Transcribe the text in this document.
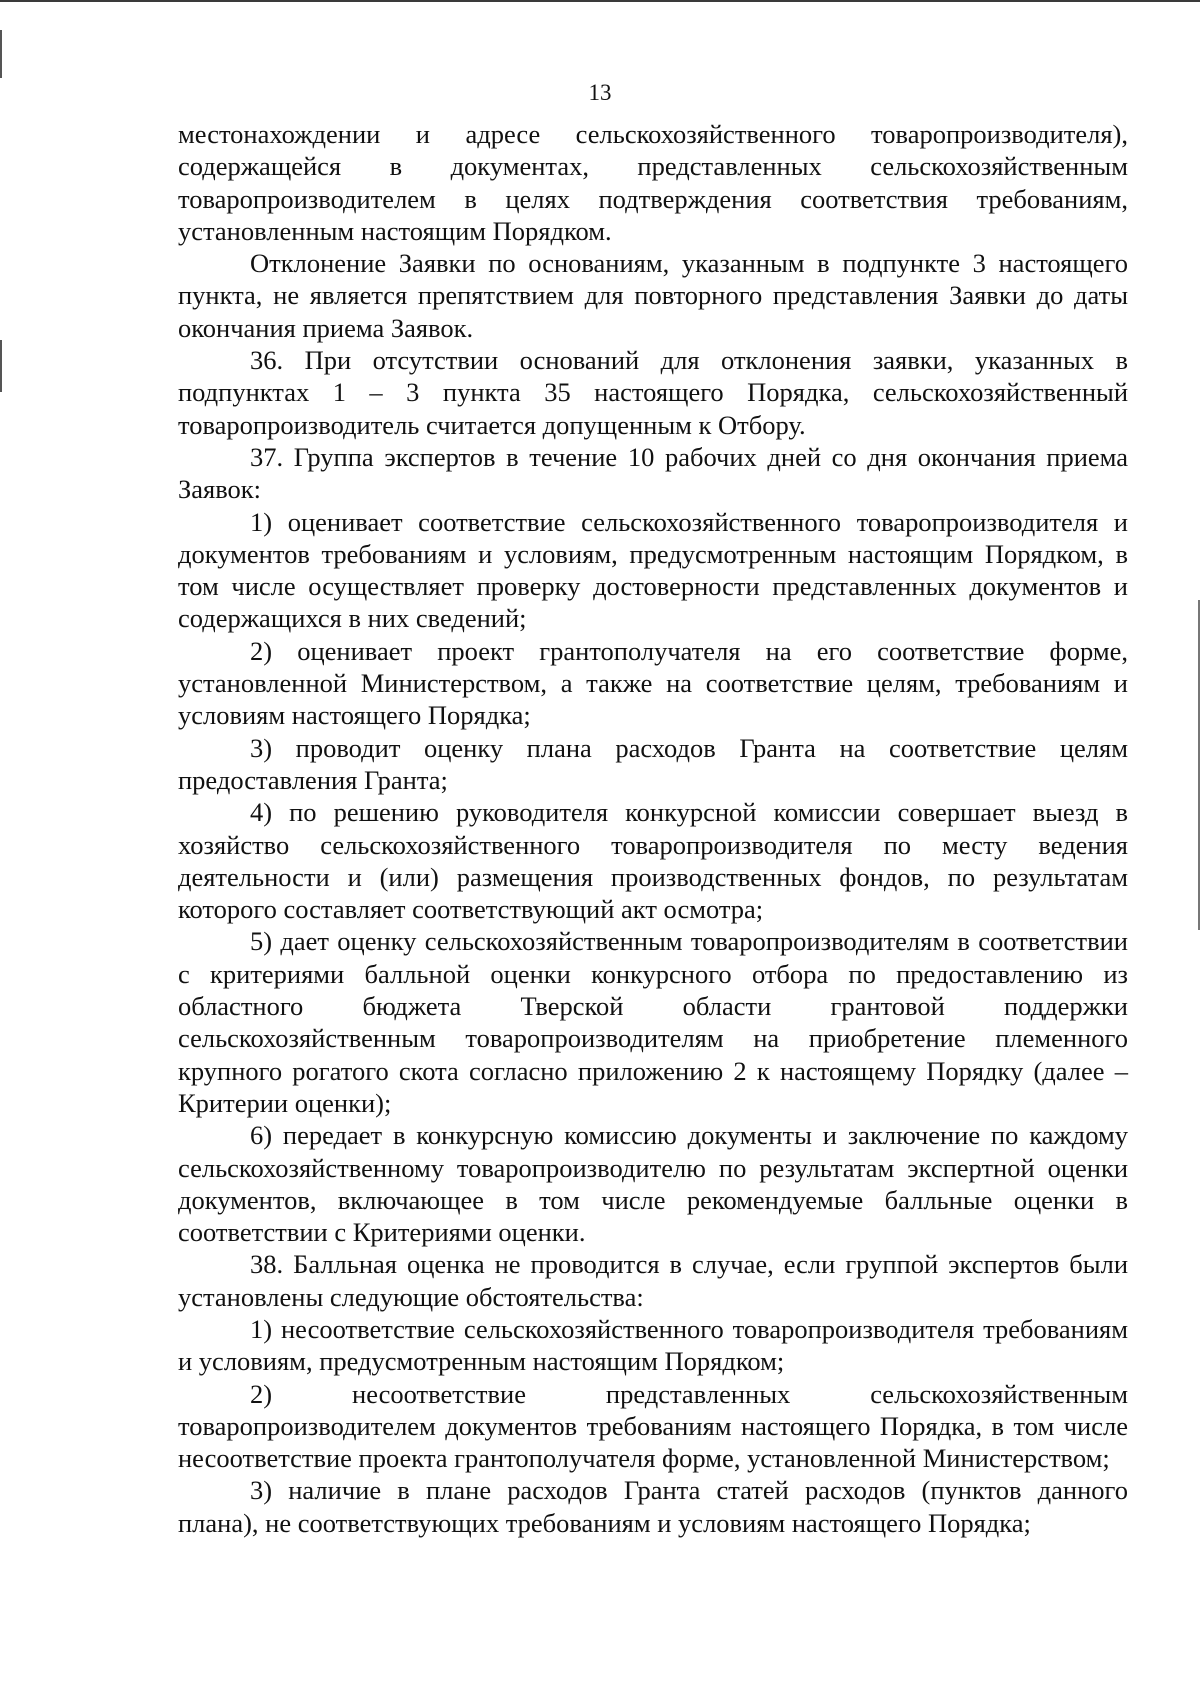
13

местонахождении и адресе сельскохозяйственного товаропроизводителя), содержащейся в документах, представленных сельскохозяйственным товаропроизводителем в целях подтверждения соответствия требованиям, установленным настоящим Порядком.

Отклонение Заявки по основаниям, указанным в подпункте 3 настоящего пункта, не является препятствием для повторного представления Заявки до даты окончания приема Заявок.

36. При отсутствии оснований для отклонения заявки, указанных в подпунктах 1 – 3 пункта 35 настоящего Порядка, сельскохозяйственный товаропроизводитель считается допущенным к Отбору.

37. Группа экспертов в течение 10 рабочих дней со дня окончания приема Заявок:

1) оценивает соответствие сельскохозяйственного товаропроизводителя и документов требованиям и условиям, предусмотренным настоящим Порядком, в том числе осуществляет проверку достоверности представленных документов и содержащихся в них сведений;

2) оценивает проект грантополучателя на его соответствие форме, установленной Министерством, а также на соответствие целям, требованиям и условиям настоящего Порядка;

3) проводит оценку плана расходов Гранта на соответствие целям предоставления Гранта;

4) по решению руководителя конкурсной комиссии совершает выезд в хозяйство сельскохозяйственного товаропроизводителя по месту ведения деятельности и (или) размещения производственных фондов, по результатам которого составляет соответствующий акт осмотра;

5) дает оценку сельскохозяйственным товаропроизводителям в соответствии с критериями балльной оценки конкурсного отбора по предоставлению из областного бюджета Тверской области грантовой поддержки сельскохозяйственным товаропроизводителям на приобретение племенного крупного рогатого скота согласно приложению 2 к настоящему Порядку (далее – Критерии оценки);

6) передает в конкурсную комиссию документы и заключение по каждому сельскохозяйственному товаропроизводителю по результатам экспертной оценки документов, включающее в том числе рекомендуемые балльные оценки в соответствии с Критериями оценки.

38. Балльная оценка не проводится в случае, если группой экспертов были установлены следующие обстоятельства:

1) несоответствие сельскохозяйственного товаропроизводителя требованиям и условиям, предусмотренным настоящим Порядком;

2) несоответствие представленных сельскохозяйственным товаропроизводителем документов требованиям настоящего Порядка, в том числе несоответствие проекта грантополучателя форме, установленной Министерством;

3) наличие в плане расходов Гранта статей расходов (пунктов данного плана), не соответствующих требованиям и условиям настоящего Порядка;
